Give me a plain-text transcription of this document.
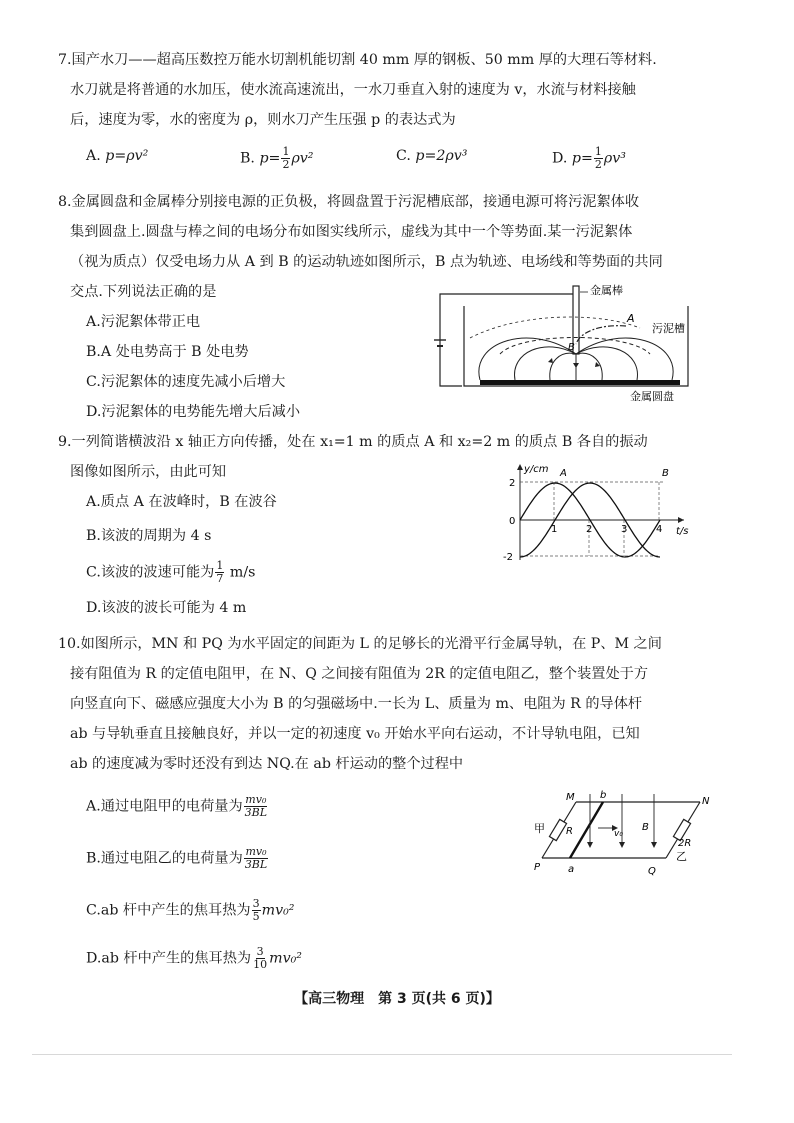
7.国产水刀——超高压数控万能水切割机能切割 40 mm 厚的钢板、50 mm 厚的大理石等材料.
水刀就是将普通的水加压，使水流高速流出，一水刀垂直入射的速度为 v，水流与材料接触
后，速度为零，水的密度为 ρ，则水刀产生压强 p 的表达式为
A. p=ρv²	B. $p= \frac{1}{2} \rho v^2$	C. p=2ρv³	D. $p= \frac{1}{2} \rho v^3$
8.金属圆盘和金属棒分别接电源的正负极，将圆盘置于污泥槽底部，接通电源可将污泥絮体收
集到圆盘上.圆盘与棒之间的电场分布如图实线所示，虚线为其中一个等势面.某一污泥絮体
（视为质点）仅受电场力从 A 到 B 的运动轨迹如图所示，B 点为轨迹、电场线和等势面的共同
交点.下列说法正确的是
A.污泥絮体带正电
B.A 处电势高于 B 处电势
C.污泥絮体的速度先减小后增大
D.污泥絮体的电势能先增大后减小
金属棒
A
B
污泥槽
金属圆盘
9.一列简谐横波沿 x 轴正方向传播，处在 x₁=1 m 的质点 A 和 x₂=2 m 的质点 B 各自的振动
图像如图所示，由此可知
A.质点 A 在波峰时，B 在波谷
B.该波的周期为 4 s
C.该波的波速可能为 $\frac{1}{7} m/s$
D.该波的波长可能为 4 m
y/cm
t/s
0
2
-2
1	2	3	4
A	B
10.如图所示，MN 和 PQ 为水平固定的间距为 L 的足够长的光滑平行金属导轨，在 P、M 之间
接有阻值为 R 的定值电阻甲，在 N、Q 之间接有阻值为 2R 的定值电阻乙，整个装置处于方
向竖直向下、磁感应强度大小为 B 的匀强磁场中.一长为 L、质量为 m、电阻为 R 的导体杆
ab 与导轨垂直且接触良好，并以一定的初速度 v₀ 开始水平向右运动，不计导轨电阻，已知
ab 的速度减为零时还没有到达 NQ.在 ab 杆运动的整个过程中
A.通过电阻甲的电荷量为 $\frac{\text{mv₀}}{3BL}$
B.通过电阻乙的电荷量为 $\frac{\text{mv₀}}{3BL}$
C.ab 杆中产生的焦耳热为 $\frac{3}{5} mv_0^2$
D.ab 杆中产生的焦耳热为 $\frac{3}{10} mv_0^2$
M	b
N
P	a	Q
R
2R
B
v₀
甲
乙
【高三物理　第 3 页(共 6 页)】
